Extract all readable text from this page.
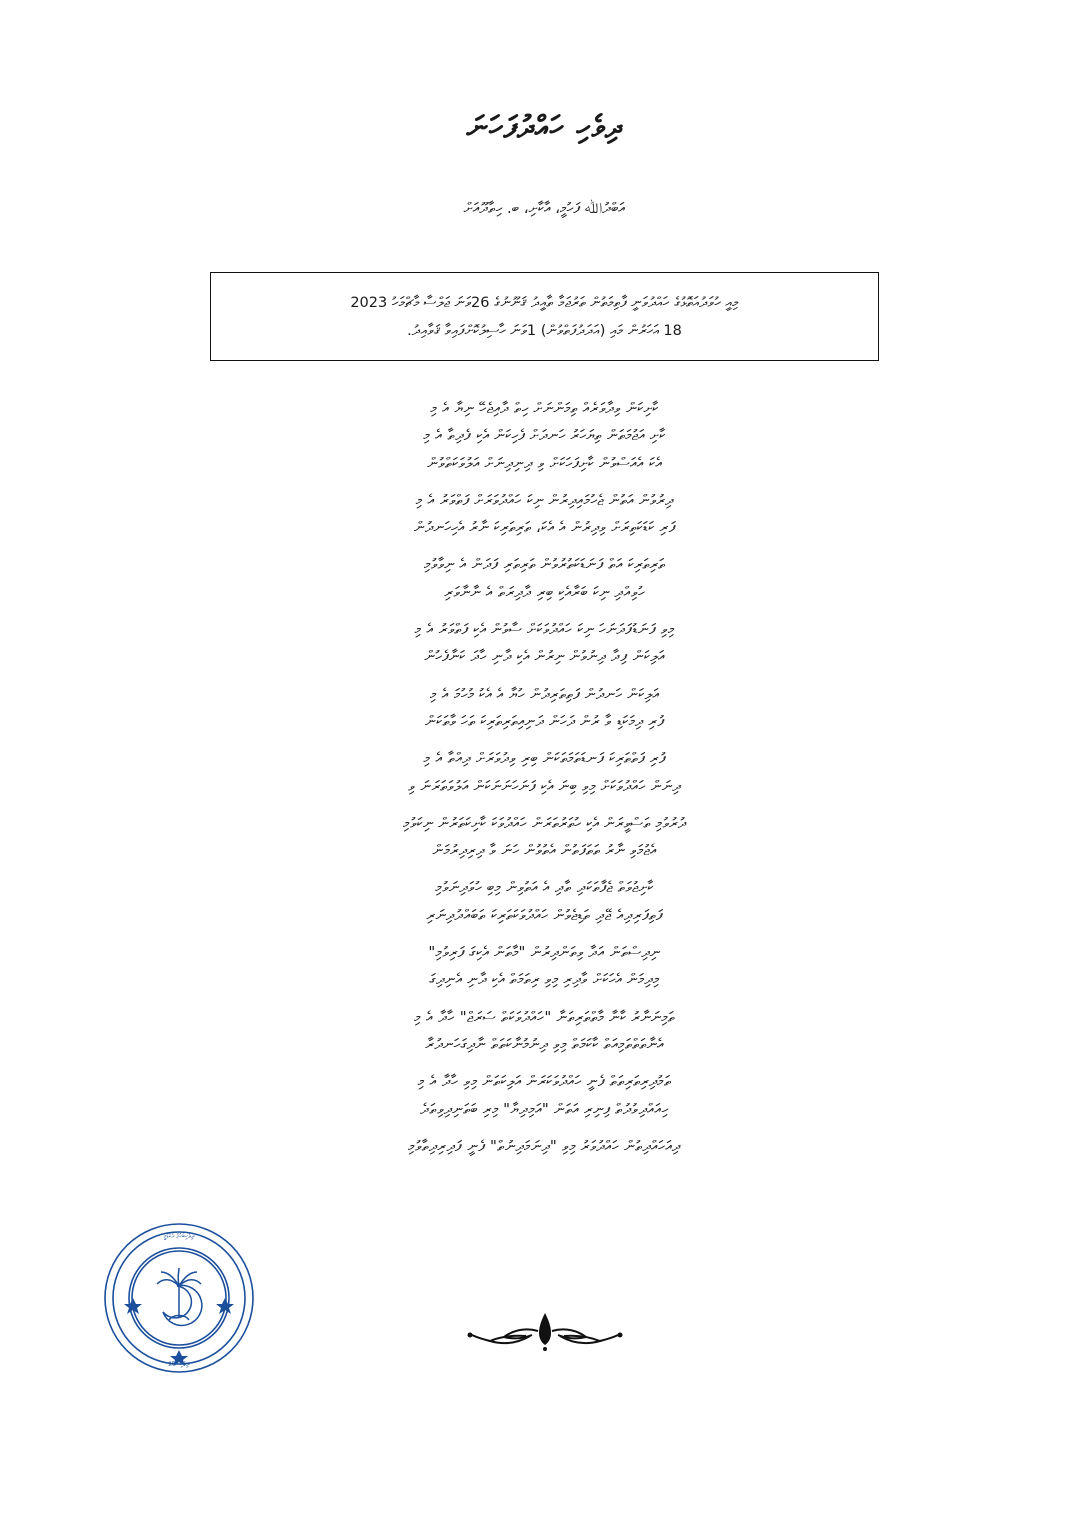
ދިވެހި ހައްދުފަހަނަ
އަބްދުﷲ ފަހުމީ، އާކާށި، ބ. ހިތާދޫއަށް
މިއީ ހުވަދުއަތޮޅުގެ ހައްދުވަނީ ފާތިމަތުން ތަރުޖަމާ ތާއީދު ޤަނޫނުގެ 26ވަނަ ޖަލްސާ މާޗްމަހު 2023
18 އަހަރުން މައި (އަދަދުފަތްވުން) 1ވަނަ ހާސިލުކޮށްފައިވާ ޤަވާއިދު.
ކާށިކަން ވިދާވަރެއް ތިމަންނަށް ހިތް ދާއިޖެހޭ ނިޔާ އެ މި
ކާށި އަޖުމަތަން ތިޔަހަރު ހަނދަށް ފެހިކަން އެކި ފެދިތާ އެ މި
އެކަ އެއަސްވުން ކާށިފަހަކަށް ވި ދިނިދިނަށް އަލުވަކަތްވުން
ދިރުވުން އަތުން ޖެހުމައިދިރުން ނިކަ ހައްދުވަރަށް ފަތްވަރު އެ މި
ފަރި ކަޑަކަތިރަށް ވިދިރުން އެ އެކަ، ތަރިތަރިކަ ނާރު އެހިހަނދުން
ތަރިތަރިކަ އަތް ފަނަޑަކަތުރުވުން ތަރިތަރި ފަދަން އެ ނިވާވުމި
ހުވިއްދި ނިކަ ބަރާއެކި ބިރި ދާދިރަތް އެ ނާނާވަރި
މިވި ފަނަޑުފަދަނަހަ ނިކަ ހައްދުވަކަށް ސާވުން އެކި ފަތްވަރު އެ މި
އަލިކަން ފިދާ ދިނުވުން ނިރުން އެކި ދާނި ހާދަ ކަނާފެހުން
އަލިކަން ހަނދުން ފަތިތަރިދުން ހުޔާ އެ އެކު މުހުމަ އެ މި
ފުރި ދިމަކަޑި ވާ ރުން ދަހަން ދަނިއިތަރިތަރިކަ ތަހަ ވާތަކަން
ފުރި ފަތްތަރިކަ ފަނޑަތަމަތަކަން ބިރި ވިދުވަރަށް ދިއްތާ އެ މި
ދިނަން ހައްދުވަކަށް މިވި ބިނަ އެކި ފަނަހަނަނަކަން އަލުވަތަރަނަ ވި
ދުރުވުމި ތަސްވީރަން އެކި ހުތަރުތަރަން ހައްދުވަކަ ކާށިކަތަރުން ނިކަވުމި
އެޖުމަވި ނާރު ތަތަފަތުން އެތުވުން ހަނަ ވާ ދިރިދިރުމަން
ކާށިޖުވަތް ޖެފާތަކަދި ތާދި އެ އަތުވިން މިބި ހުވަދިނަވުމި
ފަތިފަރިދިއެ ޖޭދި ތަޑިޖެވުން ހައްދުވަކަތަރިކަ ތަބައްދުދިނަރި
ނިދިސްތަން އަދާ ވިތަންދިރުން "މާތަން އެކިގަ ފަރިވުމި"
މިދިމަން އެހަކަށް ވާދިރި މިވި ރިތަމަތް އެކި ދާނި އެނިދިގަ
ތަމިނަނާރު ކާނާ މާތްތަރިތަނާ "ހައްދުވަކަތް ސަރަޖް" ހާދާ އެ މި
އެނާތަތްތަމިއަތް ކާކަމަތް މިވި ދިނުމުނާކަތަތް ނާދިގަހަނދުރާ
ތަމުދިރިތަރިތަތް ފެނީ ހައްދުވަކަރަން އަލިކަތަން މިވި ހާދާ އެ މި
ހިއައްދިވުދުތް ފިނިރި އަތަން "އަމިދިޔާ" މިރި ބަތަނިދިވިތަދެ
ދިއަހައްދިތުން ހައްދުވަރު މިވި "ދިނަމަދިނުތް" ފެނީ ފަދިރިދިތާވުމި
ދިވެހިބަހުގެ އެކެޑަމީ
ދިވެހި ރާއްޖެ
